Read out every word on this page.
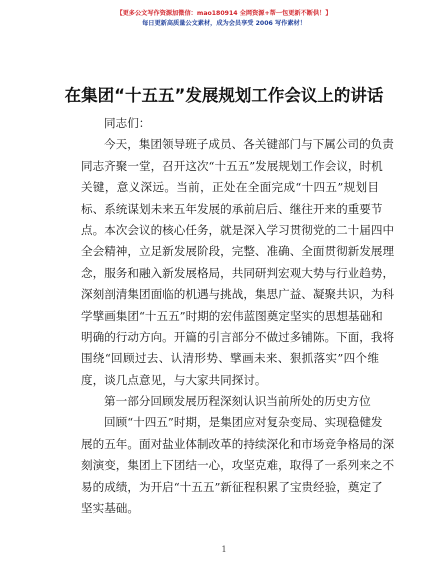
【更多公文写作资源加微信：mao180914 全网资源+帮一包更新不断供！】
每日更新高质量公文素材，成为会员享受 2006 写作素材！
在集团“十五五”发展规划工作会议上的讲话
同志们：
今天，集团领导班子成员、各关键部门与下属公司的负责
同志齐聚一堂，召开这次“十五五”发展规划工作会议，时机
关键，意义深远。当前，正处在全面完成“十四五”规划目
标、系统谋划未来五年发展的承前启后、继往开来的重要节
点。本次会议的核心任务，就是深入学习贯彻党的二十届四中
全会精神，立足新发展阶段，完整、准确、全面贯彻新发展理
念，服务和融入新发展格局，共同研判宏观大势与行业趋势，
深刻剖清集团面临的机遇与挑战，集思广益、凝聚共识，为科
学擘画集团“十五五”时期的宏伟蓝图奠定坚实的思想基础和
明确的行动方向。开篇的引言部分不做过多铺陈。下面，我将
围绕“回顾过去、认清形势、擘画未来、狠抓落实”四个维
度，谈几点意见，与大家共同探讨。
第一部分回顾发展历程深刻认识当前所处的历史方位
回顾“十四五”时期，是集团应对复杂变局、实现稳健发
展的五年。面对盐业体制改革的持续深化和市场竞争格局的深
刻演变，集团上下团结一心，攻坚克难，取得了一系列来之不
易的成绩，为开启“十五五”新征程积累了宝贵经验，奠定了
坚实基础。
1
